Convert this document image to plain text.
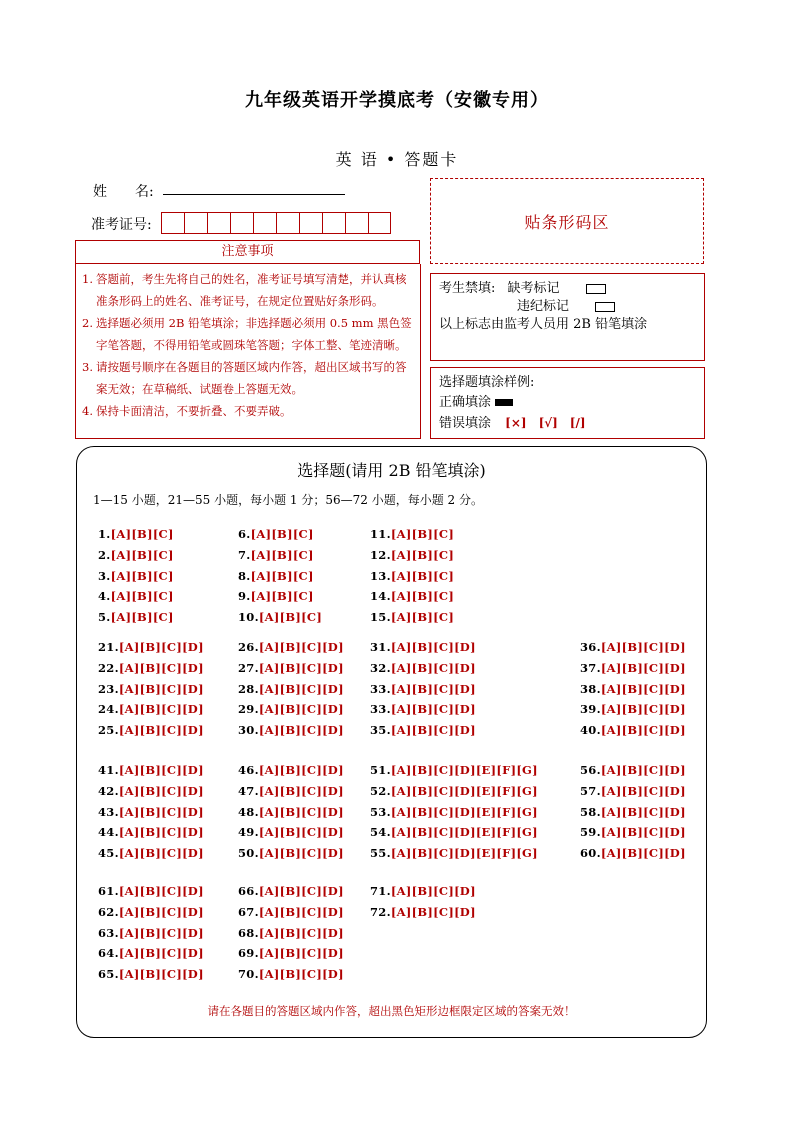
九年级英语开学摸底考（安徽专用）
英 语 • 答题卡
姓　　名:
准考证号:	贴条形码区
注意事项
1. 答题前，考生先将自己的姓名，准考证号填写清楚，并认真核准条形码上的姓名、准考证号，在规定位置贴好条形码。
2. 选择题必须用 2B 铅笔填涂；非选择题必须用 0.5 mm 黑色签字笔答题，不得用铅笔或圆珠笔答题；字体工整、笔迹清晰。
3. 请按题号顺序在各题目的答题区域内作答，超出区域书写的答案无效；在草稿纸、试题卷上答题无效。
4. 保持卡面清洁，不要折叠、不要弄破。
考生禁填: 缺考标记
违纪标记
以上标志由监考人员用 2B 铅笔填涂
选择题填涂样例:
正确填涂
错误填涂 [×]　[√]　[/]
选择题(请用 2B 铅笔填涂)
1—15 小题，21—55 小题，每小题 1 分；56—72 小题，每小题 2 分。
1.[A][B][C]
2.[A][B][C]
3.[A][B][C]
4.[A][B][C]
5.[A][B][C]
6.[A][B][C]
7.[A][B][C]
8.[A][B][C]
9.[A][B][C]
10.[A][B][C]
11.[A][B][C]
12.[A][B][C]
13.[A][B][C]
14.[A][B][C]
15.[A][B][C]
21.[A][B][C][D]
22.[A][B][C][D]
23.[A][B][C][D]
24.[A][B][C][D]
25.[A][B][C][D]
26.[A][B][C][D]
27.[A][B][C][D]
28.[A][B][C][D]
29.[A][B][C][D]
30.[A][B][C][D]
31.[A][B][C][D]
32.[A][B][C][D]
33.[A][B][C][D]
33.[A][B][C][D]
35.[A][B][C][D]
36.[A][B][C][D]
37.[A][B][C][D]
38.[A][B][C][D]
39.[A][B][C][D]
40.[A][B][C][D]
41.[A][B][C][D]
42.[A][B][C][D]
43.[A][B][C][D]
44.[A][B][C][D]
45.[A][B][C][D]
46.[A][B][C][D]
47.[A][B][C][D]
48.[A][B][C][D]
49.[A][B][C][D]
50.[A][B][C][D]
51.[A][B][C][D][E][F][G]
52.[A][B][C][D][E][F][G]
53.[A][B][C][D][E][F][G]
54.[A][B][C][D][E][F][G]
55.[A][B][C][D][E][F][G]
56.[A][B][C][D]
57.[A][B][C][D]
58.[A][B][C][D]
59.[A][B][C][D]
60.[A][B][C][D]
61.[A][B][C][D]
62.[A][B][C][D]
63.[A][B][C][D]
64.[A][B][C][D]
65.[A][B][C][D]
66.[A][B][C][D]
67.[A][B][C][D]
68.[A][B][C][D]
69.[A][B][C][D]
70.[A][B][C][D]
71.[A][B][C][D]
72.[A][B][C][D]
请在各题目的答题区域内作答，超出黑色矩形边框限定区域的答案无效！
